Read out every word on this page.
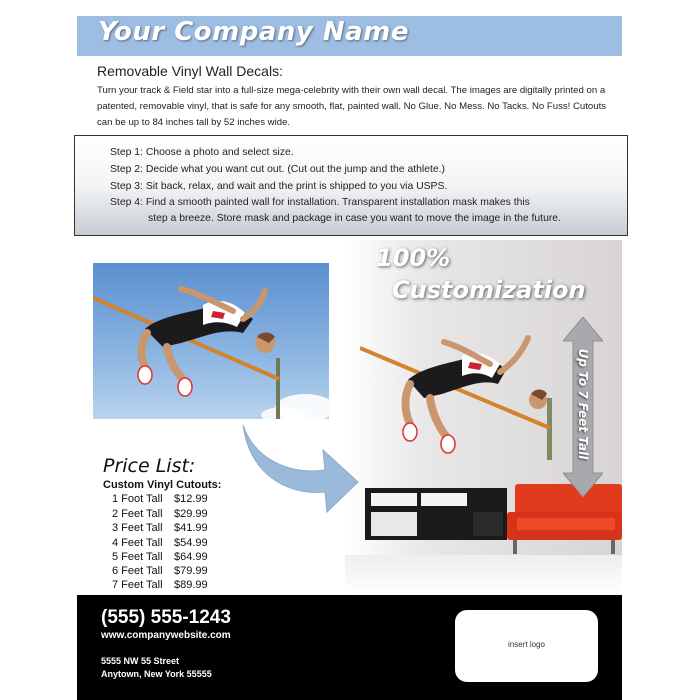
Your Company Name
Removable Vinyl Wall Decals:
Turn your track & Field star into a full-size mega-celebrity with their own wall decal. The images are digitally printed on a patented, removable vinyl, that is safe for any smooth, flat, painted wall. No Glue. No Mess. No Tacks. No Fuss! Cutouts can be up to 84 inches tall by 52 inches wide.
Step 1: Choose a photo and select size.
Step 2: Decide what you want cut out. (Cut out the jump and the athlete.)
Step 3: Sit back, relax, and wait and the print is shipped to you via USPS.
Step 4: Find a smooth painted wall for installation. Transparent installation mask makes this
step a breeze. Store mask and package in case you want to move the image in the future.
100%
Customization
Up To 7 Feet Tall
Price List:
Custom Vinyl Cutouts:
1 Foot Tall $12.99
2 Feet Tall $29.99
3 Feet Tall $41.99
4 Feet Tall $54.99
5 Feet Tall $64.99
6 Feet Tall $79.99
7 Feet Tall $89.99
(555) 555-1243
www.companywebsite.com
5555 NW 55 Street
Anytown, New York 55555
insert logo
